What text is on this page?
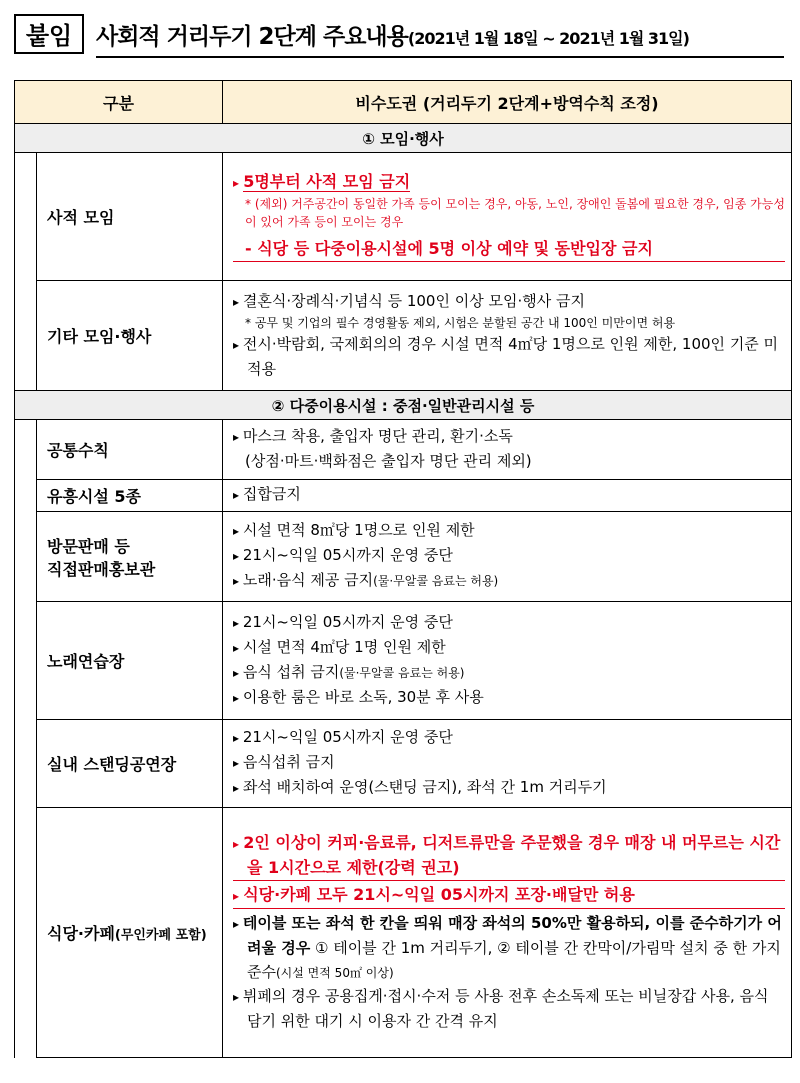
붙임	사회적 거리두기 2단계 주요내용(2021년 1월 18일 ~ 2021년 1월 31일)
구분		비수도권 (거리두기 2단계+방역수칙 조정)
① 모임·행사		
	사적 모임	▸ 5명부터 사적 모임 금지
* (제외) 거주공간이 동일한 가족 등이 모이는 경우, 아동, 노인, 장애인 돌봄에 필요한 경우, 임종 가능성이 있어 가족 등이 모이는 경우
- 식당 등 다중이용시설에 5명 이상 예약 및 동반입장 금지

	기타 모임·행사	▸ 결혼식·장례식·기념식 등 100인 이상 모임·행사 금지
* 공무 및 기업의 필수 경영활동 제외, 시험은 분할된 공간 내 100인 미만이면 허용
▸ 전시·박람회, 국제회의의 경우 시설 면적 4㎡당 1명으로 인원 제한, 100인 기준 미적용

② 다중이용시설 : 중점·일반관리시설 등		
	공통수칙	▸ 마스크 착용, 출입자 명단 관리, 환기·소독
(상점·마트·백화점은 출입자 명단 관리 제외)

	유흥시설 5종	▸ 집합금지

	방문판매 등
직접판매홍보관	▸ 시설 면적 8㎡당 1명으로 인원 제한
▸ 21시~익일 05시까지 운영 중단
▸ 노래·음식 제공 금지(물·무알콜 음료는 허용)

	노래연습장	▸ 21시~익일 05시까지 운영 중단
▸ 시설 면적 4㎡당 1명 인원 제한
▸ 음식 섭취 금지(물·무알콜 음료는 허용)
▸ 이용한 룸은 바로 소독, 30분 후 사용

	실내 스탠딩공연장	▸ 21시~익일 05시까지 운영 중단
▸ 음식섭취 금지
▸ 좌석 배치하여 운영(스탠딩 금지), 좌석 간 1m 거리두기

	식당·카페(무인카페 포함)	▸ 2인 이상이 커피·음료류, 디저트류만을 주문했을 경우 매장 내 머무르는 시간을 1시간으로 제한(강력 권고)
▸ 식당·카페 모두 21시~익일 05시까지 포장·배달만 허용
▸ 테이블 또는 좌석 한 칸을 띄워 매장 좌석의 50%만 활용하되, 이를 준수하기가 어려울 경우 ① 테이블 간 1m 거리두기, ② 테이블 간 칸막이/가림막 설치 중 한 가지 준수(시설 면적 50㎡ 이상)
▸ 뷔페의 경우 공용집게·접시·수저 등 사용 전후 손소독제 또는 비닐장갑 사용, 음식 담기 위한 대기 시 이용자 간 간격 유지
